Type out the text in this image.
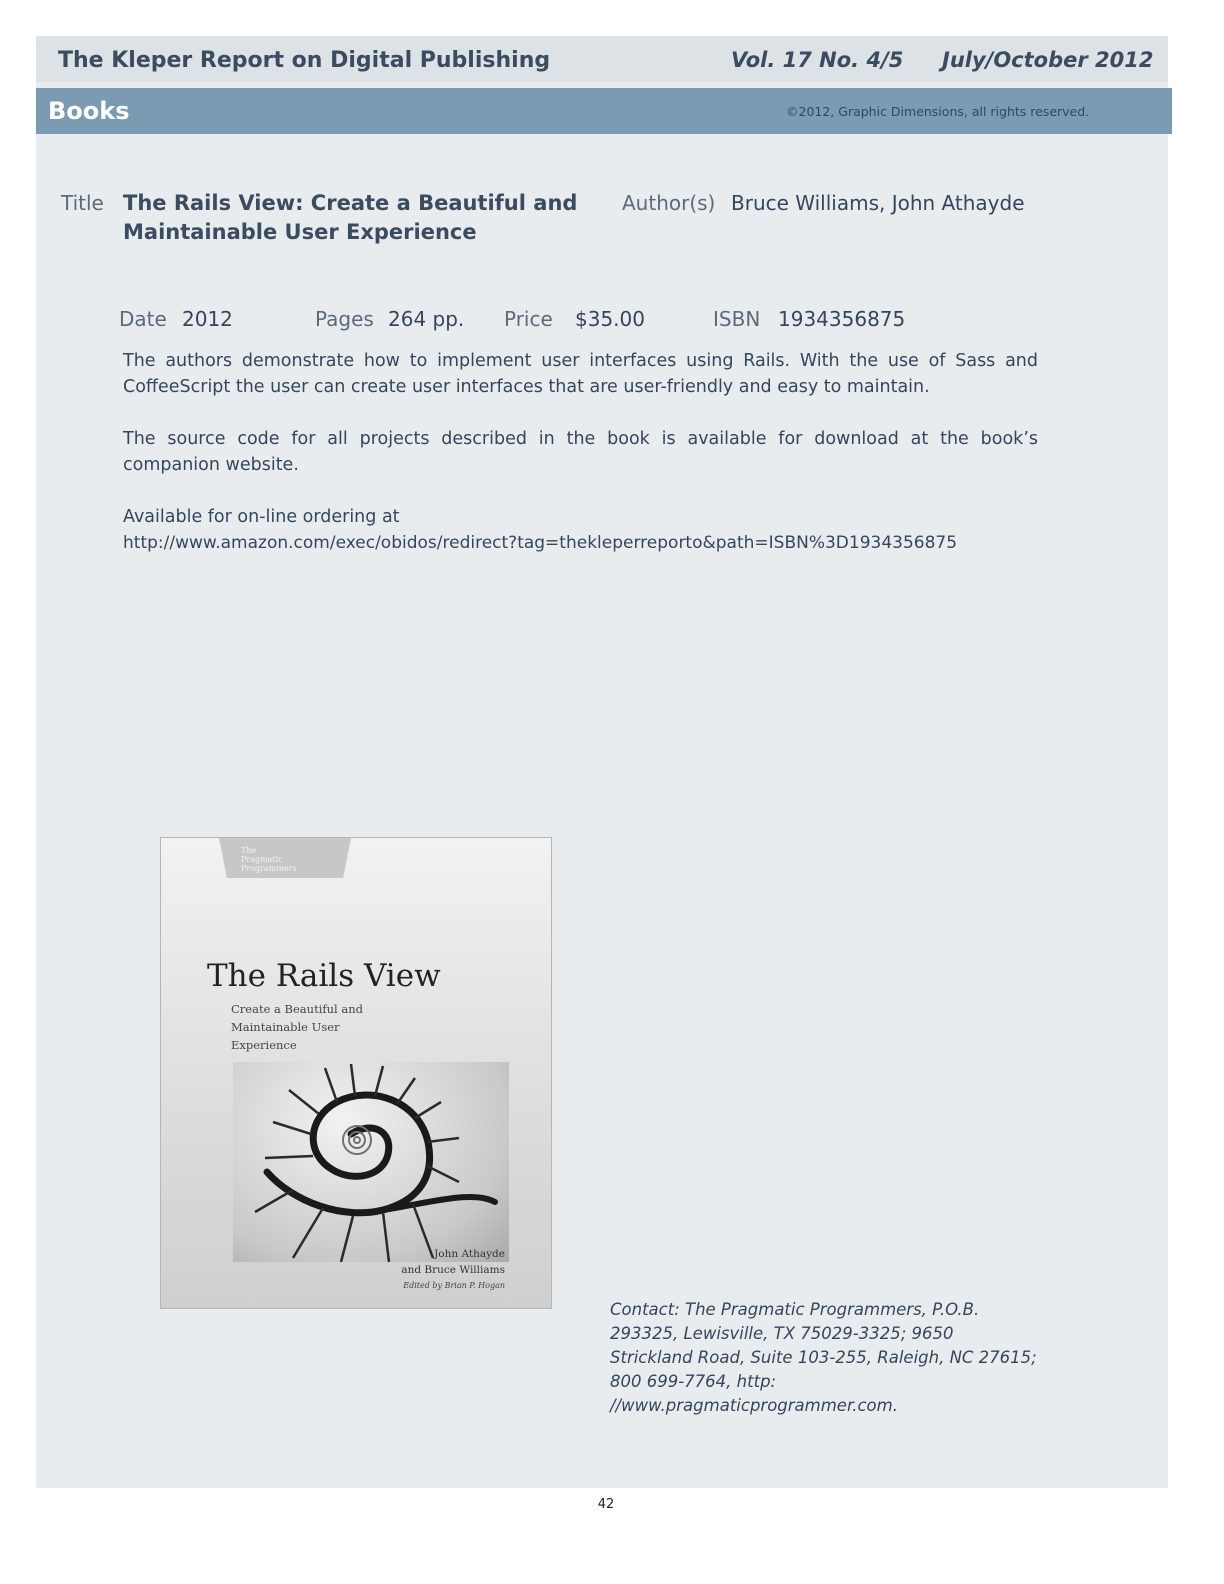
The Kleper Report on Digital Publishing	Vol. 17 No. 4/5 July/October 2012
Books	©2012, Graphic Dimensions, all rights reserved.
Title The Rails View: Create a Beautiful and Maintainable User Experience
Author(s) Bruce Williams, John Athayde
Date 2012	Pages 264 pp. Price $35.00	ISBN 1934356875
The authors demonstrate how to implement user interfaces using Rails. With the use of Sass and CoffeeScript the user can create user interfaces that are user-friendly and easy to maintain.
The source code for all projects described in the book is available for download at the book’s companion website.
Available for on-line ordering at
http://www.amazon.com/exec/obidos/redirect?tag=thekleperreporto&path=ISBN%3D1934356875
The
Pragmatic
Programmers
The Rails View
Create a Beautiful and Maintainable User Experience
John Athayde
and Bruce Williams
Edited by Brian P. Hogan
Contact: The Pragmatic Programmers, P.O.B. 293325, Lewisville, TX 75029-3325; 9650 Strickland Road, Suite 103-255, Raleigh, NC 27615; 800 699-7764, http: //www.pragmaticprogrammer.com.
42
